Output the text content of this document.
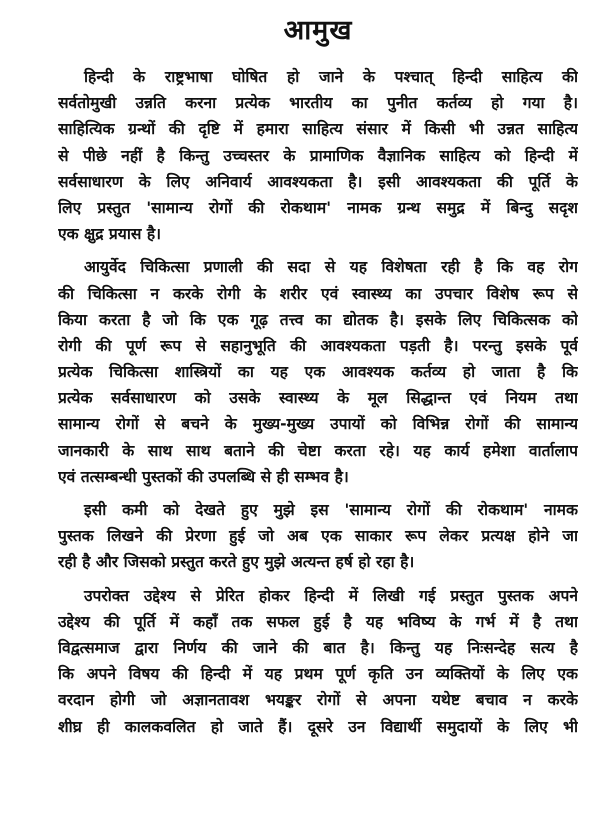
आमुख
हिन्दी के राष्ट्रभाषा घोषित हो जाने के पश्चात् हिन्दी साहित्य की
सर्वतोमुखी उन्नति करना प्रत्येक भारतीय का पुनीत कर्तव्य हो गया है।
साहित्यिक ग्रन्थों की दृष्टि में हमारा साहित्य संसार में किसी भी उन्नत साहित्य
से पीछे नहीं है किन्तु उच्चस्तर के प्रामाणिक वैज्ञानिक साहित्य को हिन्दी में
सर्वसाधारण के लिए अनिवार्य आवश्यकता है। इसी आवश्यकता की पूर्ति के
लिए प्रस्तुत 'सामान्य रोगों की रोकथाम' नामक ग्रन्थ समुद्र में बिन्दु सदृश
एक क्षुद्र प्रयास है।
आयुर्वेद चिकित्सा प्रणाली की सदा से यह विशेषता रही है कि वह रोग
की चिकित्सा न करके रोगी के शरीर एवं स्वास्थ्य का उपचार विशेष रूप से
किया करता है जो कि एक गूढ़ तत्त्व का द्योतक है। इसके लिए चिकित्सक को
रोगी की पूर्ण रूप से सहानुभूति की आवश्यकता पड़ती है। परन्तु इसके पूर्व
प्रत्येक चिकित्सा शास्त्रियों का यह एक आवश्यक कर्तव्य हो जाता है कि
प्रत्येक सर्वसाधारण को उसके स्वास्थ्य के मूल सिद्धान्त एवं नियम तथा
सामान्य रोगों से बचने के मुख्य-मुख्य उपायों को विभिन्न रोगों की सामान्य
जानकारी के साथ साथ बताने की चेष्टा करता रहे। यह कार्य हमेशा वार्तालाप
एवं तत्सम्बन्धी पुस्तकों की उपलब्धि से ही सम्भव है।
इसी कमी को देखते हुए मुझे इस 'सामान्य रोगों की रोकथाम' नामक
पुस्तक लिखने की प्रेरणा हुई जो अब एक साकार रूप लेकर प्रत्यक्ष होने जा
रही है और जिसको प्रस्तुत करते हुए मुझे अत्यन्त हर्ष हो रहा है।
उपरोक्त उद्देश्य से प्रेरित होकर हिन्दी में लिखी गई प्रस्तुत पुस्तक अपने
उद्देश्य की पूर्ति में कहाँ तक सफल हुई है यह भविष्य के गर्भ में है तथा
विद्वत्समाज द्वारा निर्णय की जाने की बात है। किन्तु यह निःसन्देह सत्य है
कि अपने विषय की हिन्दी में यह प्रथम पूर्ण कृति उन व्यक्तियों के लिए एक
वरदान होगी जो अज्ञानतावश भयङ्कर रोगों से अपना यथेष्ट बचाव न करके
शीघ्र ही कालकवलित हो जाते हैं। दूसरे उन विद्यार्थी समुदायों के लिए भी
